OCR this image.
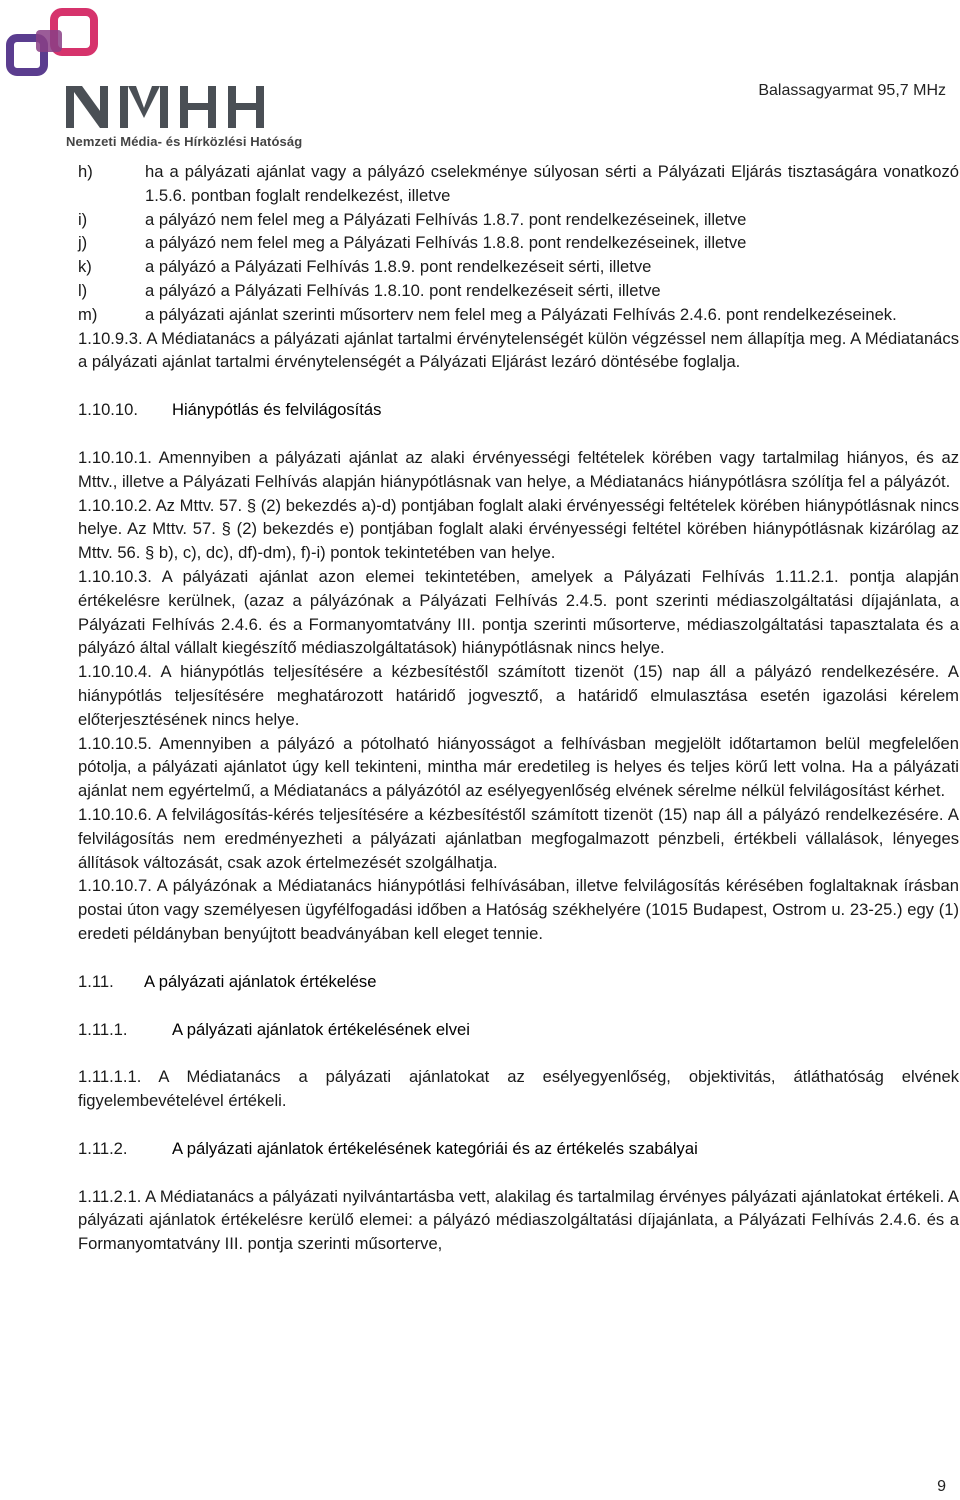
Nemzeti Média- és Hírközlési Hatóság
Balassagyarmat 95,7 MHz

h)	ha a pályázati ajánlat vagy a pályázó cselekménye súlyosan sérti a Pályázati Eljárás tisztaságára vonatkozó 1.5.6. pontban foglalt rendelkezést, illetve

i)	a pályázó nem felel meg a Pályázati Felhívás 1.8.7. pont rendelkezéseinek, illetve

j)	a pályázó nem felel meg a Pályázati Felhívás 1.8.8. pont rendelkezéseinek, illetve

k)	a pályázó a Pályázati Felhívás 1.8.9. pont rendelkezéseit sérti, illetve

l)	a pályázó a Pályázati Felhívás 1.8.10. pont rendelkezéseit sérti, illetve

m)	a pályázati ajánlat szerinti műsorterv nem felel meg a Pályázati Felhívás 2.4.6. pont rendelkezéseinek.

1.10.9.3. A Médiatanács a pályázati ajánlat tartalmi érvénytelenségét külön végzéssel nem állapítja meg. A Médiatanács a pályázati ajánlat tartalmi érvénytelenségét a Pályázati Eljárást lezáró döntésébe foglalja.

1.10.10.	Hiánypótlás és felvilágosítás

1.10.10.1. Amennyiben a pályázati ajánlat az alaki érvényességi feltételek körében vagy tartalmilag hiányos, és az Mttv., illetve a Pályázati Felhívás alapján hiánypótlásnak van helye, a Médiatanács hiánypótlásra szólítja fel a pályázót.

1.10.10.2. Az Mttv. 57. § (2) bekezdés a)-d) pontjában foglalt alaki érvényességi feltételek körében hiánypótlásnak nincs helye. Az Mttv. 57. § (2) bekezdés e) pontjában foglalt alaki érvényességi feltétel körében hiánypótlásnak kizárólag az Mttv. 56. § b), c), dc), df)-dm), f)-i) pontok tekintetében van helye.

1.10.10.3. A pályázati ajánlat azon elemei tekintetében, amelyek a Pályázati Felhívás 1.11.2.1. pontja alapján értékelésre kerülnek, (azaz a pályázónak a Pályázati Felhívás 2.4.5. pont szerinti médiaszolgáltatási díjajánlata, a Pályázati Felhívás 2.4.6. és a Formanyomtatvány III. pontja szerinti műsorterve, médiaszolgáltatási tapasztalata és a pályázó által vállalt kiegészítő médiaszolgáltatások) hiánypótlásnak nincs helye.

1.10.10.4. A hiánypótlás teljesítésére a kézbesítéstől számított tizenöt (15) nap áll a pályázó rendelkezésére. A hiánypótlás teljesítésére meghatározott határidő jogvesztő, a határidő elmulasztása esetén igazolási kérelem előterjesztésének nincs helye.

1.10.10.5. Amennyiben a pályázó a pótolható hiányosságot a felhívásban megjelölt időtartamon belül megfelelően pótolja, a pályázati ajánlatot úgy kell tekinteni, mintha már eredetileg is helyes és teljes körű lett volna. Ha a pályázati ajánlat nem egyértelmű, a Médiatanács a pályázótól az esélyegyenlőség elvének sérelme nélkül felvilágosítást kérhet.

1.10.10.6. A felvilágosítás-kérés teljesítésére a kézbesítéstől számított tizenöt (15) nap áll a pályázó rendelkezésére. A felvilágosítás nem eredményezheti a pályázati ajánlatban megfogalmazott pénzbeli, értékbeli vállalások, lényeges állítások változását, csak azok értelmezését szolgálhatja.

1.10.10.7. A pályázónak a Médiatanács hiánypótlási felhívásában, illetve felvilágosítás kérésében foglaltaknak írásban postai úton vagy személyesen ügyfélfogadási időben a Hatóság székhelyére (1015 Budapest, Ostrom u. 23-25.) egy (1) eredeti példányban benyújtott beadványában kell eleget tennie.

1.11.	A pályázati ajánlatok értékelése

1.11.1.	A pályázati ajánlatok értékelésének elvei

1.11.1.1. A Médiatanács a pályázati ajánlatokat az esélyegyenlőség, objektivitás, átláthatóság elvének figyelembevételével értékeli.

1.11.2.	A pályázati ajánlatok értékelésének kategóriái és az értékelés szabályai

1.11.2.1. A Médiatanács a pályázati nyilvántartásba vett, alakilag és tartalmilag érvényes pályázati ajánlatokat értékeli. A pályázati ajánlatok értékelésre kerülő elemei: a pályázó médiaszolgáltatási díjajánlata, a Pályázati Felhívás 2.4.6. és a Formanyomtatvány III. pontja szerinti műsorterve,

9
